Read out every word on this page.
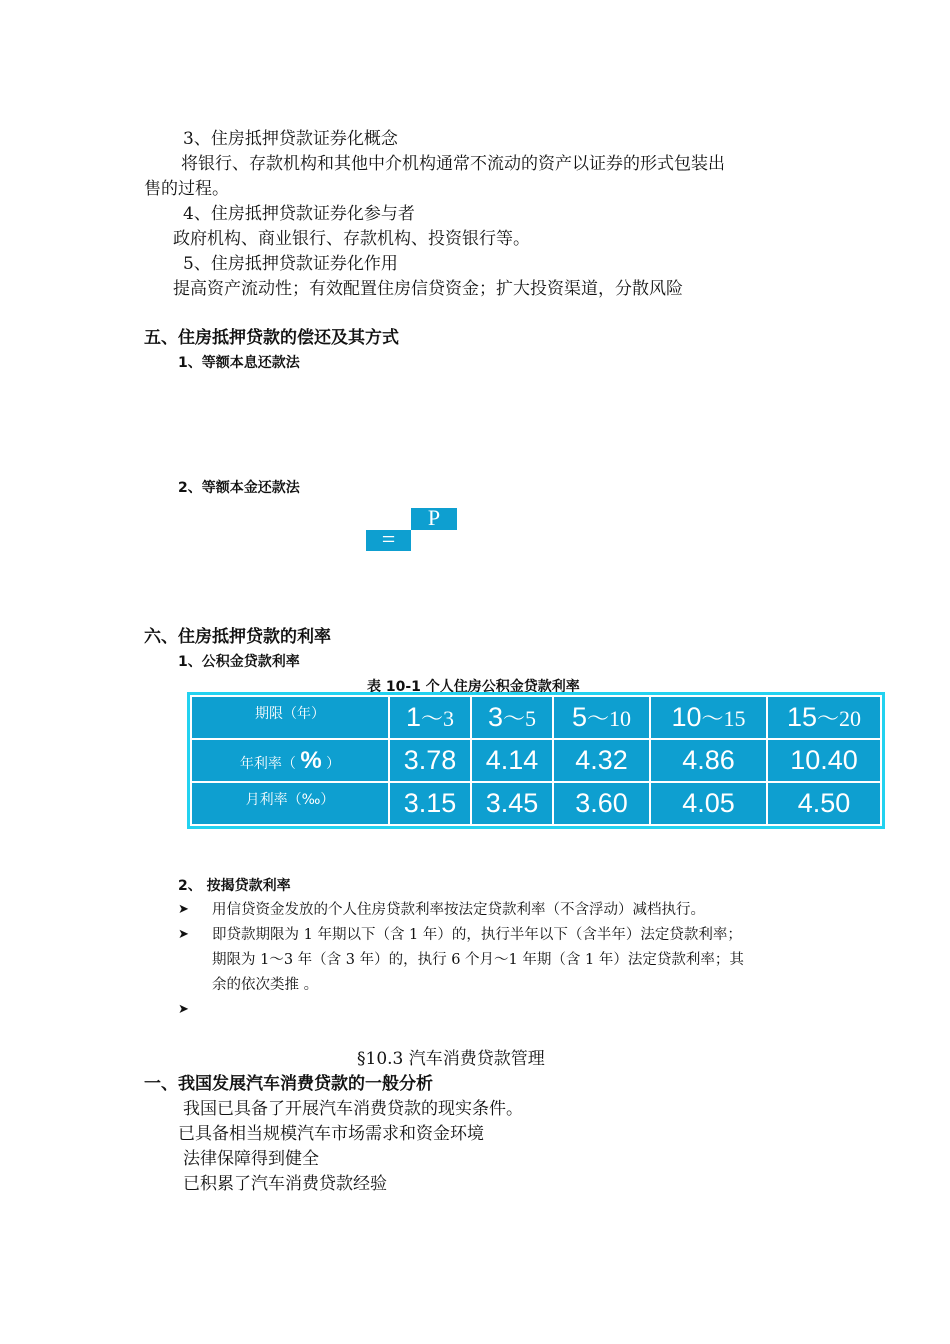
3、住房抵押贷款证券化概念
将银行、存款机构和其他中介机构通常不流动的资产以证券的形式包装出
售的过程。
4、住房抵押贷款证券化参与者
政府机构、商业银行、存款机构、投资银行等。
5、住房抵押贷款证券化作用
提高资产流动性；有效配置住房信贷资金；扩大投资渠道，分散风险
五、住房抵押贷款的偿还及其方式
1、等额本息还款法
2、等额本金还款法
P
=
六、住房抵押贷款的利率
1、公积金贷款利率
表 10-1 个人住房公积金贷款利率
期限（年）	1～3	3～5	5～10	10～15	15～20
年利率（ % ）	3.78	4.14	4.32	4.86	10.40
月利率（‰）	3.15	3.45	3.60	4.05	4.50
2、 按揭贷款利率
➤ 用信贷资金发放的个人住房贷款利率按法定贷款利率（不含浮动）减档执行。
➤ 即贷款期限为 1 年期以下（含 1 年）的，执行半年以下（含半年）法定贷款利率；
期限为 1～3 年（含 3 年）的，执行 6 个月～1 年期（含 1 年）法定贷款利率；其
余的依次类推 。
➤
§10.3 汽车消费贷款管理
一、我国发展汽车消费贷款的一般分析
我国已具备了开展汽车消费贷款的现实条件。
已具备相当规模汽车市场需求和资金环境
法律保障得到健全
已积累了汽车消费贷款经验
